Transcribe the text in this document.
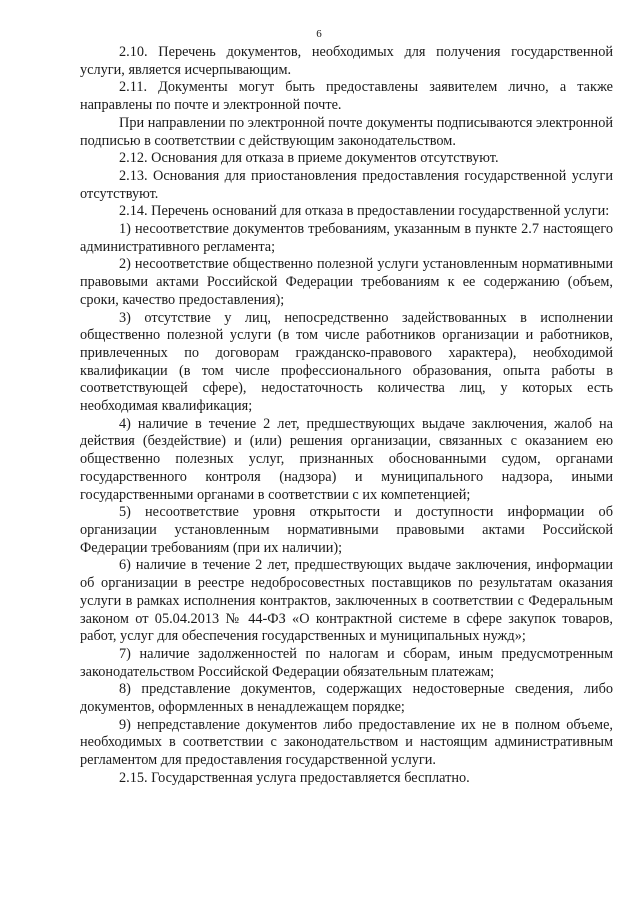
6

2.10. Перечень документов, необходимых для получения государственной услуги, является исчерпывающим.

2.11. Документы могут быть предоставлены заявителем лично, а также направлены по почте и электронной почте.

При направлении по электронной почте документы подписываются электронной подписью в соответствии с действующим законодательством.

2.12. Основания для отказа в приеме документов отсутствуют.

2.13. Основания для приостановления предоставления государственной услуги отсутствуют.

2.14. Перечень оснований для отказа в предоставлении государственной услуги:

1) несоответствие документов требованиям, указанным в пункте 2.7 настоящего административного регламента;

2) несоответствие общественно полезной услуги установленным нормативными правовыми актами Российской Федерации требованиям к ее содержанию (объем, сроки, качество предоставления);

3) отсутствие у лиц, непосредственно задействованных в исполнении общественно полезной услуги (в том числе работников организации и работников, привлеченных по договорам гражданско-правового характера), необходимой квалификации (в том числе профессионального образования, опыта работы в соответствующей сфере), недостаточность количества лиц, у которых есть необходимая квалификация;

4) наличие в течение 2 лет, предшествующих выдаче заключения, жалоб на действия (бездействие) и (или) решения организации, связанных с оказанием ею общественно полезных услуг, признанных обоснованными судом, органами государственного контроля (надзора) и муниципального надзора, иными государственными органами в соответствии с их компетенцией;

5) несоответствие уровня открытости и доступности информации об организации установленным нормативными правовыми актами Российской Федерации требованиям (при их наличии);

6) наличие в течение 2 лет, предшествующих выдаче заключения, информации об организации в реестре недобросовестных поставщиков по результатам оказания услуги в рамках исполнения контрактов, заключенных в соответствии с Федеральным законом от 05.04.2013 № 44-ФЗ «О контрактной системе в сфере закупок товаров, работ, услуг для обеспечения государственных и муниципальных нужд»;

7) наличие задолженностей по налогам и сборам, иным предусмотренным законодательством Российской Федерации обязательным платежам;

8) представление документов, содержащих недостоверные сведения, либо документов, оформленных в ненадлежащем порядке;

9) непредставление документов либо предоставление их не в полном объеме, необходимых в соответствии с законодательством и настоящим административным регламентом для предоставления государственной услуги.

2.15. Государственная услуга предоставляется бесплатно.
